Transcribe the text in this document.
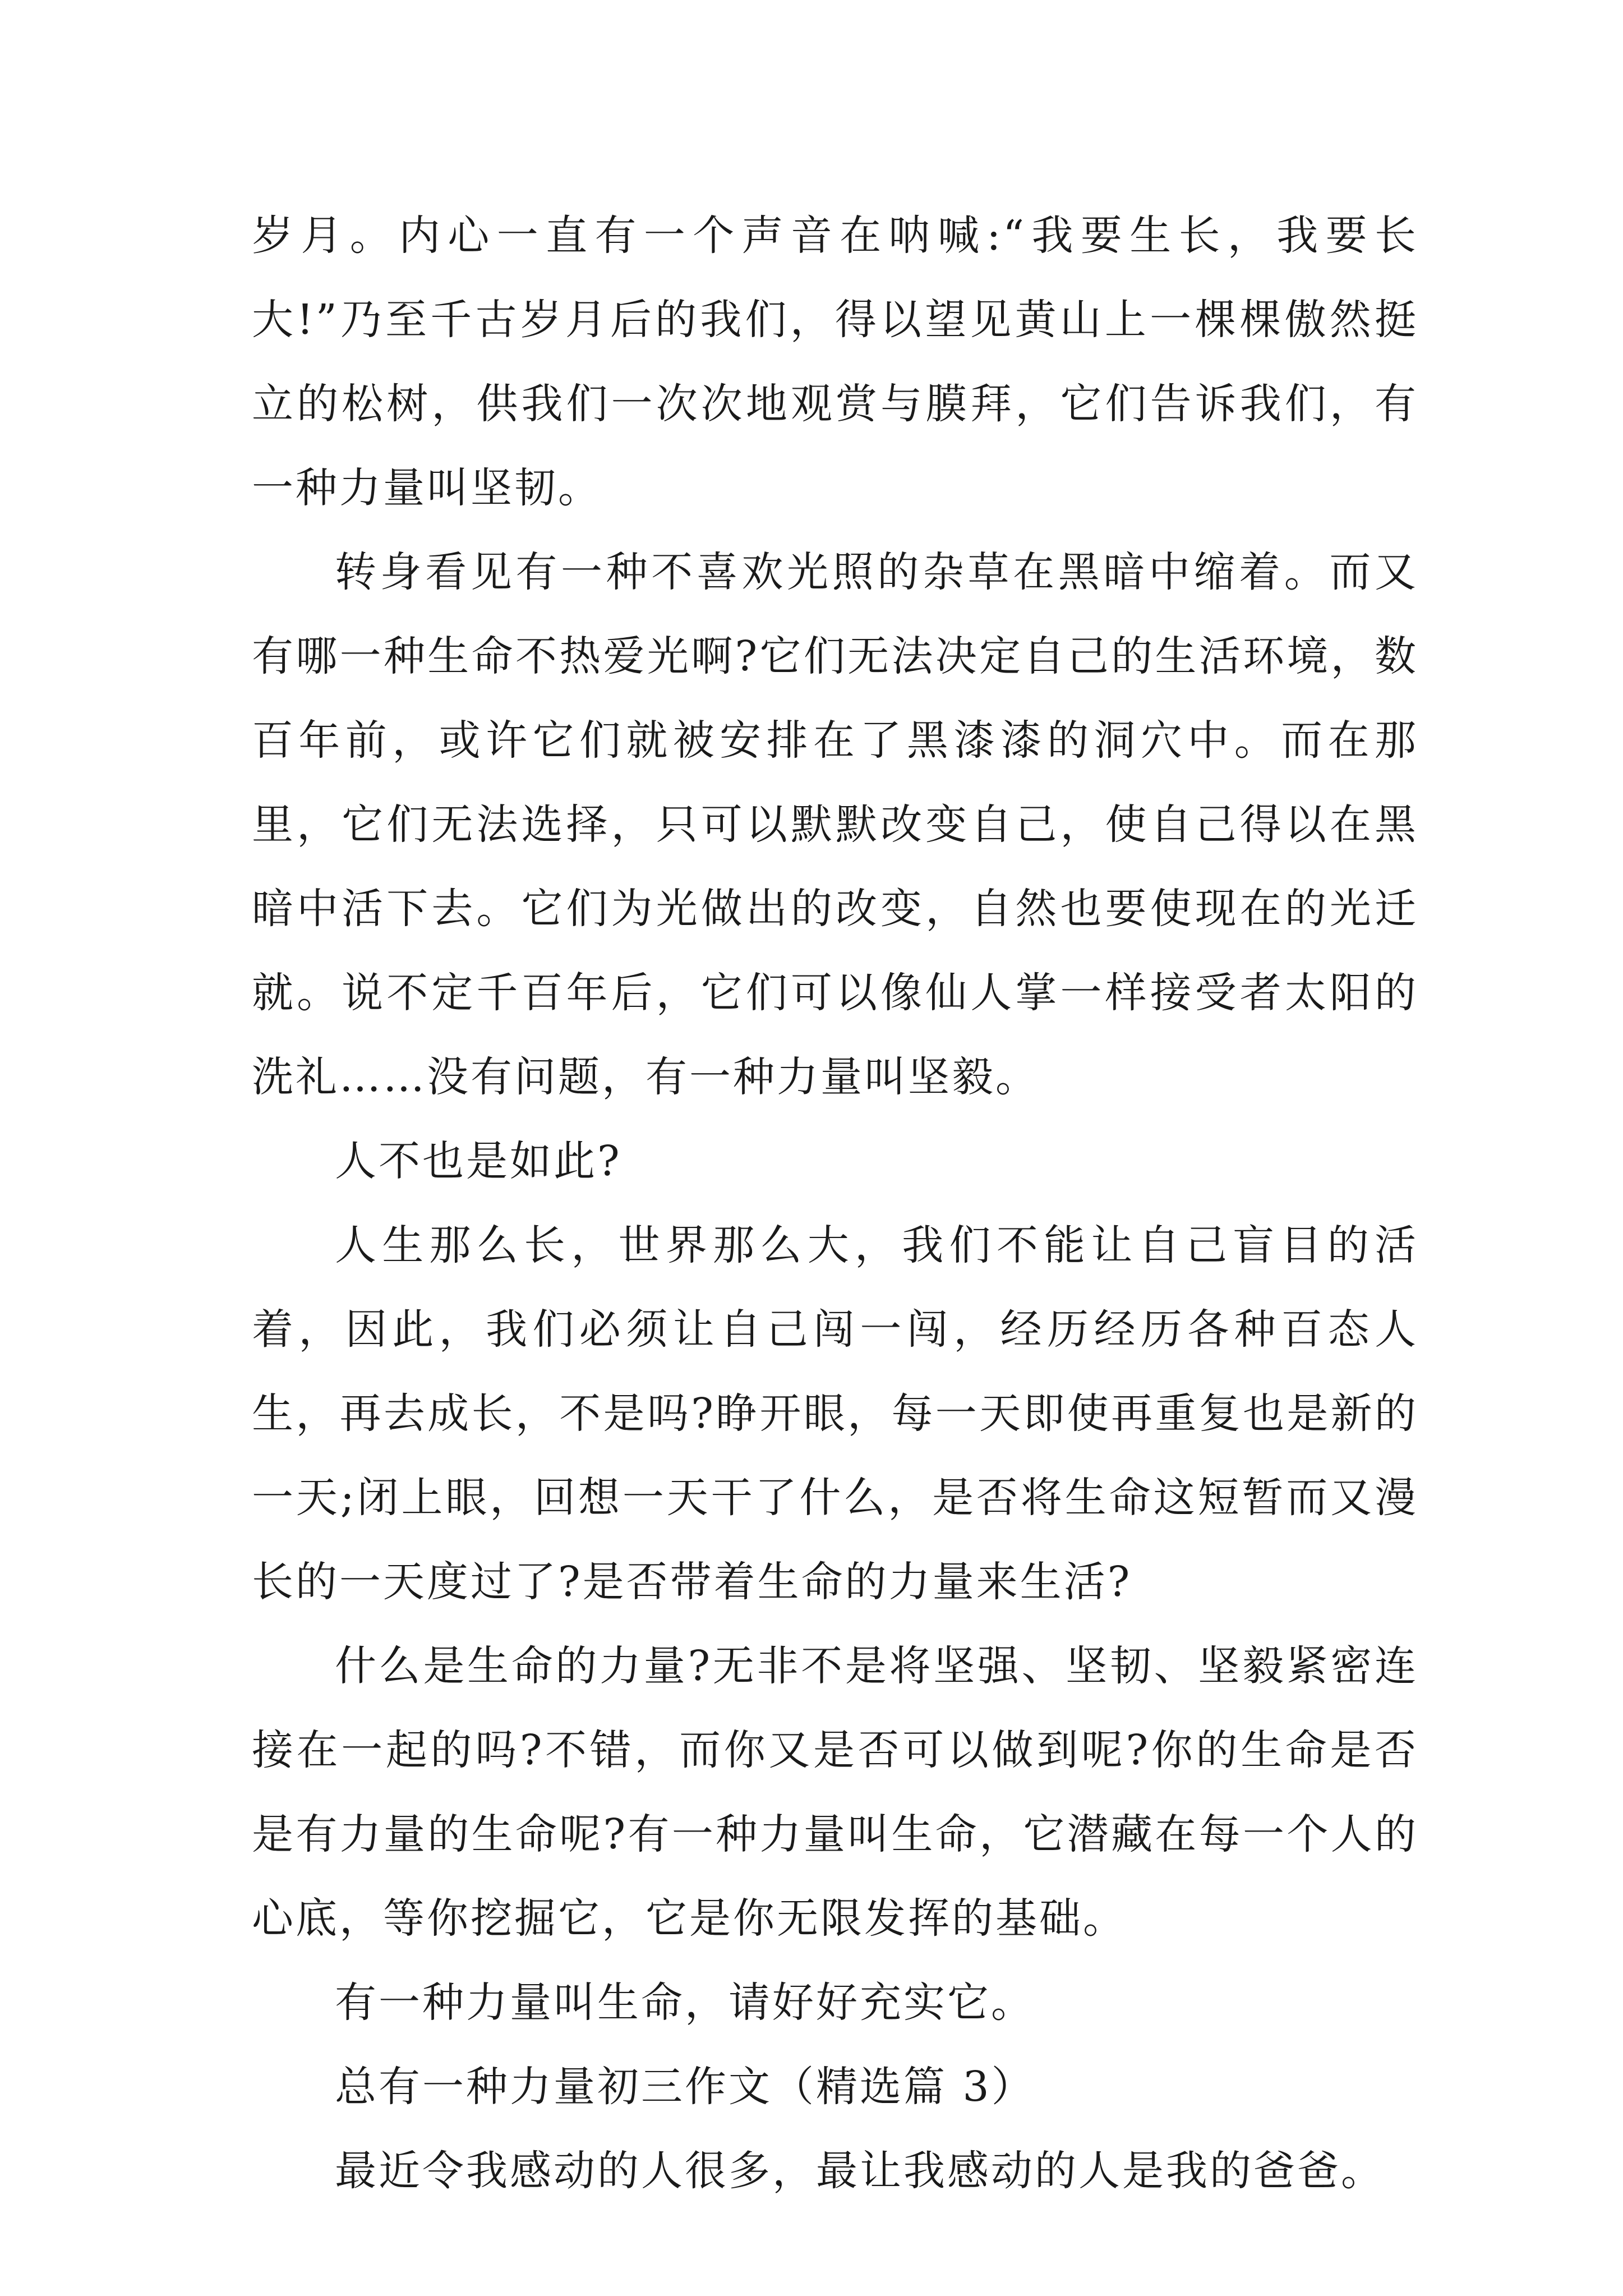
岁月。内心一直有一个声音在呐喊:“我要生长，我要长大!”乃至千古岁月后的我们，得以望见黄山上一棵棵傲然挺立的松树，供我们一次次地观赏与膜拜，它们告诉我们，有一种力量叫坚韧。

转身看见有一种不喜欢光照的杂草在黑暗中缩着。而又有哪一种生命不热爱光啊?它们无法决定自己的生活环境，数百年前，或许它们就被安排在了黑漆漆的洞穴中。而在那里，它们无法选择，只可以默默改变自己，使自己得以在黑暗中活下去。它们为光做出的改变，自然也要使现在的光迁就。说不定千百年后，它们可以像仙人掌一样接受者太阳的洗礼……没有问题，有一种力量叫坚毅。

人不也是如此?

人生那么长，世界那么大，我们不能让自己盲目的活着，因此，我们必须让自己闯一闯，经历经历各种百态人生，再去成长，不是吗?睁开眼，每一天即使再重复也是新的一天;闭上眼，回想一天干了什么，是否将生命这短暂而又漫长的一天度过了?是否带着生命的力量来生活?

什么是生命的力量?无非不是将坚强、坚韧、坚毅紧密连接在一起的吗?不错，而你又是否可以做到呢?你的生命是否是有力量的生命呢?有一种力量叫生命，它潜藏在每一个人的心底，等你挖掘它，它是你无限发挥的基础。

有一种力量叫生命，请好好充实它。

总有一种力量初三作文（精选篇 3）

最近令我感动的人很多，最让我感动的人是我的爸爸。
